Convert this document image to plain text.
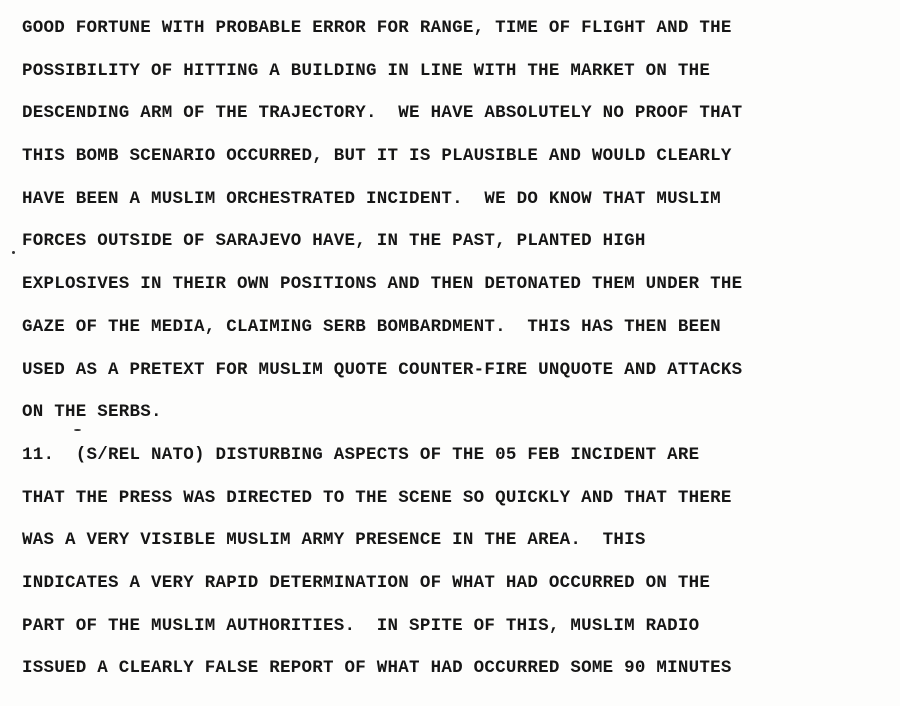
GOOD FORTUNE WITH PROBABLE ERROR FOR RANGE, TIME OF FLIGHT AND THE
POSSIBILITY OF HITTING A BUILDING IN LINE WITH THE MARKET ON THE
DESCENDING ARM OF THE TRAJECTORY.  WE HAVE ABSOLUTELY NO PROOF THAT
THIS BOMB SCENARIO OCCURRED, BUT IT IS PLAUSIBLE AND WOULD CLEARLY
HAVE BEEN A MUSLIM ORCHESTRATED INCIDENT.  WE DO KNOW THAT MUSLIM
FORCES OUTSIDE OF SARAJEVO HAVE, IN THE PAST, PLANTED HIGH
EXPLOSIVES IN THEIR OWN POSITIONS AND THEN DETONATED THEM UNDER THE
GAZE OF THE MEDIA, CLAIMING SERB BOMBARDMENT.  THIS HAS THEN BEEN
USED AS A PRETEXT FOR MUSLIM QUOTE COUNTER-FIRE UNQUOTE AND ATTACKS
ON THE SERBS.
11.  (S/REL NATO) DISTURBING ASPECTS OF THE 05 FEB INCIDENT ARE
THAT THE PRESS WAS DIRECTED TO THE SCENE SO QUICKLY AND THAT THERE
WAS A VERY VISIBLE MUSLIM ARMY PRESENCE IN THE AREA.  THIS
INDICATES A VERY RAPID DETERMINATION OF WHAT HAD OCCURRED ON THE
PART OF THE MUSLIM AUTHORITIES.  IN SPITE OF THIS, MUSLIM RADIO
ISSUED A CLEARLY FALSE REPORT OF WHAT HAD OCCURRED SOME 90 MINUTES
